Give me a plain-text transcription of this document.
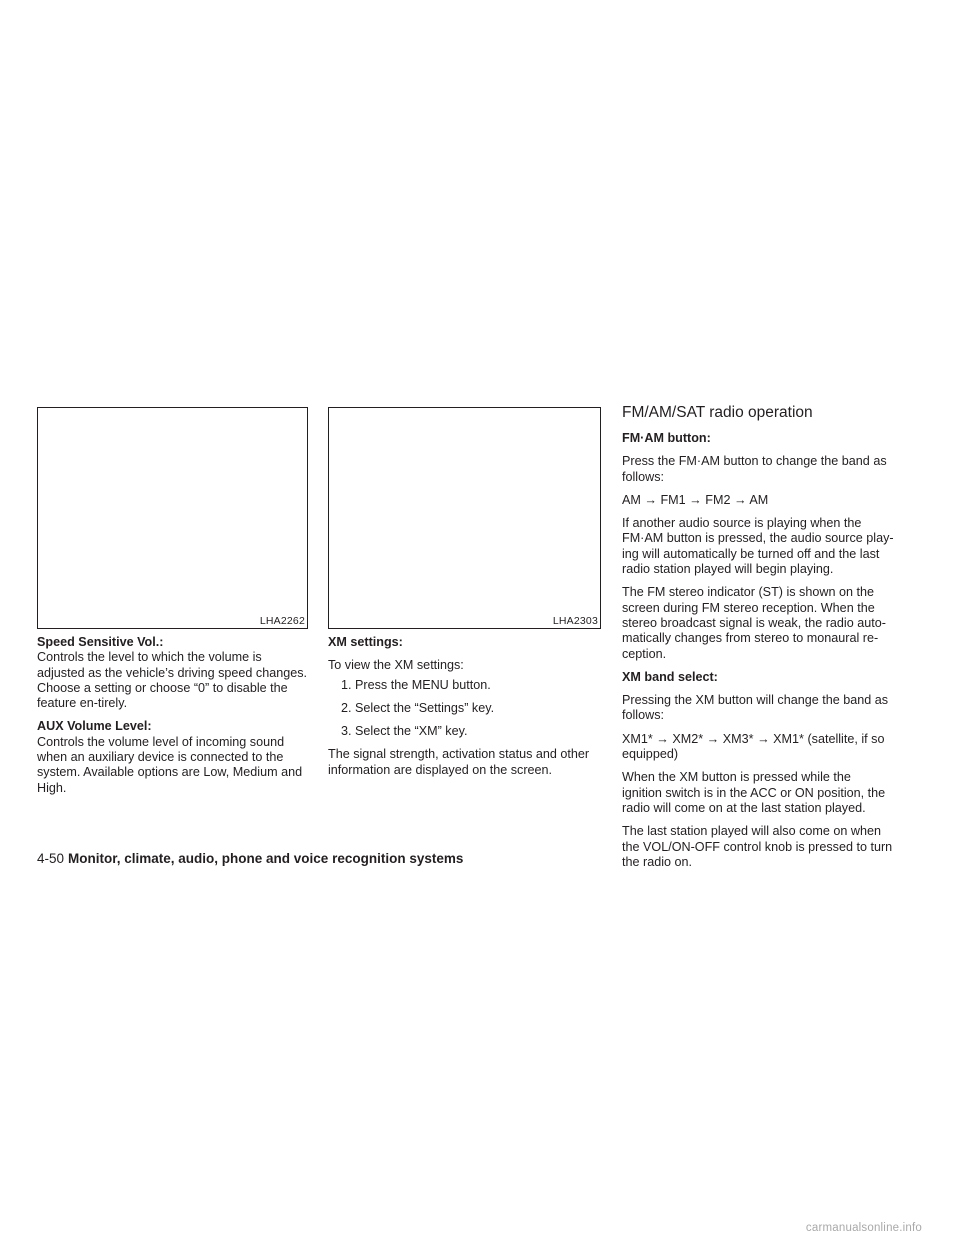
LHA2262

Speed Sensitive Vol.:

Controls the level to which the volume is adjusted as the vehicle’s driving speed changes. Choose a setting or choose “0” to disable the feature en-tirely.

AUX Volume Level:

Controls the volume level of incoming sound when an auxiliary device is connected to the system. Available options are Low, Medium and High.

LHA2303

XM settings:

To view the XM settings:

1. Press the MENU button.

2. Select the “Settings” key.

3. Select the “XM” key.

The signal strength, activation status and other information are displayed on the screen.

FM/AM/SAT radio operation

FM·AM button:

Press the FM·AM button to change the band as follows:

AM → FM1 → FM2 → AM

If another audio source is playing when the FM·AM button is pressed, the audio source play-ing will automatically be turned off and the last radio station played will begin playing.

The FM stereo indicator (ST) is shown on the screen during FM stereo reception. When the stereo broadcast signal is weak, the radio auto-matically changes from stereo to monaural re-ception.

XM band select:

Pressing the XM button will change the band as follows:

XM1* → XM2* → XM3* → XM1* (satellite, if so equipped)

When the XM button is pressed while the ignition switch is in the ACC or ON position, the radio will come on at the last station played.

The last station played will also come on when the VOL/ON-OFF control knob is pressed to turn the radio on.

4-50 Monitor, climate, audio, phone and voice recognition systems
carmanualsonline.info
